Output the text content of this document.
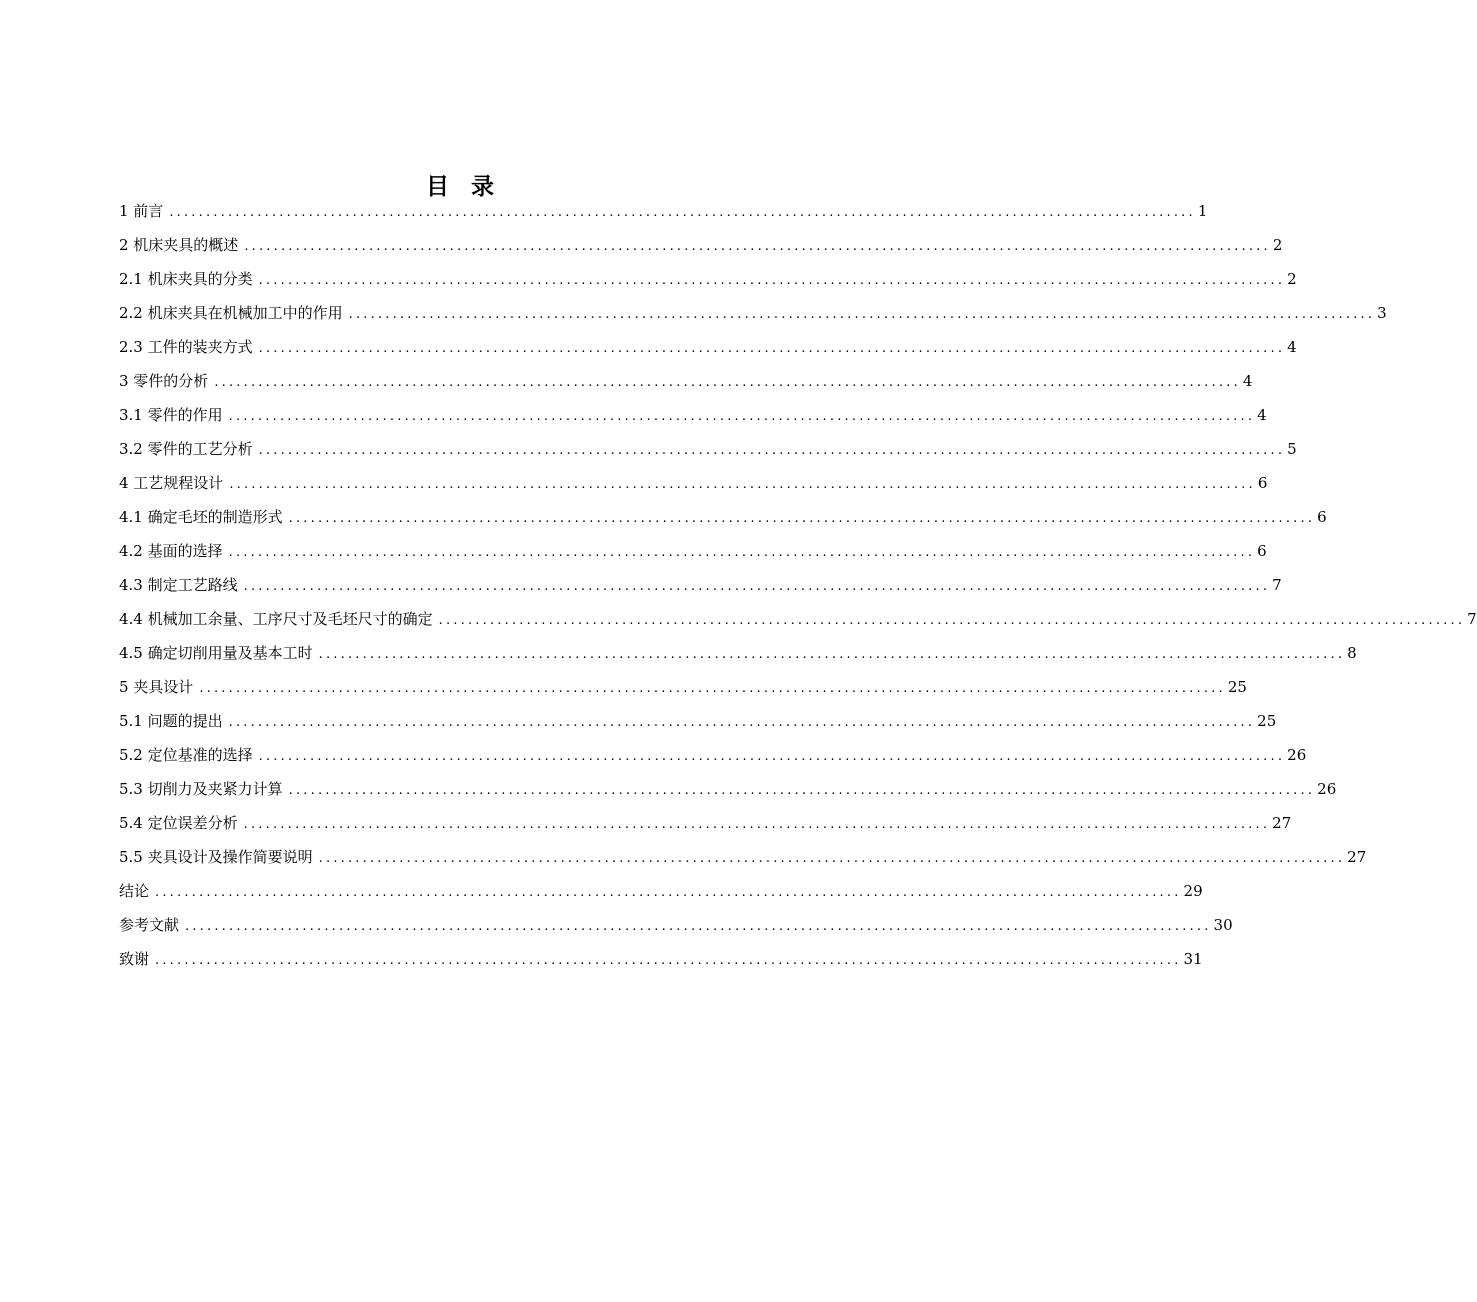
目 录
1 前言 ............................................................................................................................................ 1
2 机床夹具的概述 ............................................................................................................................................ 2
2.1 机床夹具的分类 ............................................................................................................................................ 2
2.2 机床夹具在机械加工中的作用 ............................................................................................................................................ 3
2.3 工件的装夹方式 ............................................................................................................................................ 4
3 零件的分析 ............................................................................................................................................ 4
3.1 零件的作用 ............................................................................................................................................ 4
3.2 零件的工艺分析 ............................................................................................................................................ 5
4 工艺规程设计 ............................................................................................................................................ 6
4.1 确定毛坯的制造形式 ............................................................................................................................................ 6
4.2 基面的选择 ............................................................................................................................................ 6
4.3 制定工艺路线 ............................................................................................................................................ 7
4.4 机械加工余量、工序尺寸及毛坯尺寸的确定 ............................................................................................................................................ 7
4.5 确定切削用量及基本工时 ............................................................................................................................................ 8
5 夹具设计 ............................................................................................................................................ 25
5.1 问题的提出 ............................................................................................................................................ 25
5.2 定位基准的选择 ............................................................................................................................................ 26
5.3 切削力及夹紧力计算 ............................................................................................................................................ 26
5.4 定位误差分析 ............................................................................................................................................ 27
5.5 夹具设计及操作简要说明 ............................................................................................................................................ 27
结论 ............................................................................................................................................ 29
参考文献 ............................................................................................................................................ 30
致谢 ............................................................................................................................................ 31
